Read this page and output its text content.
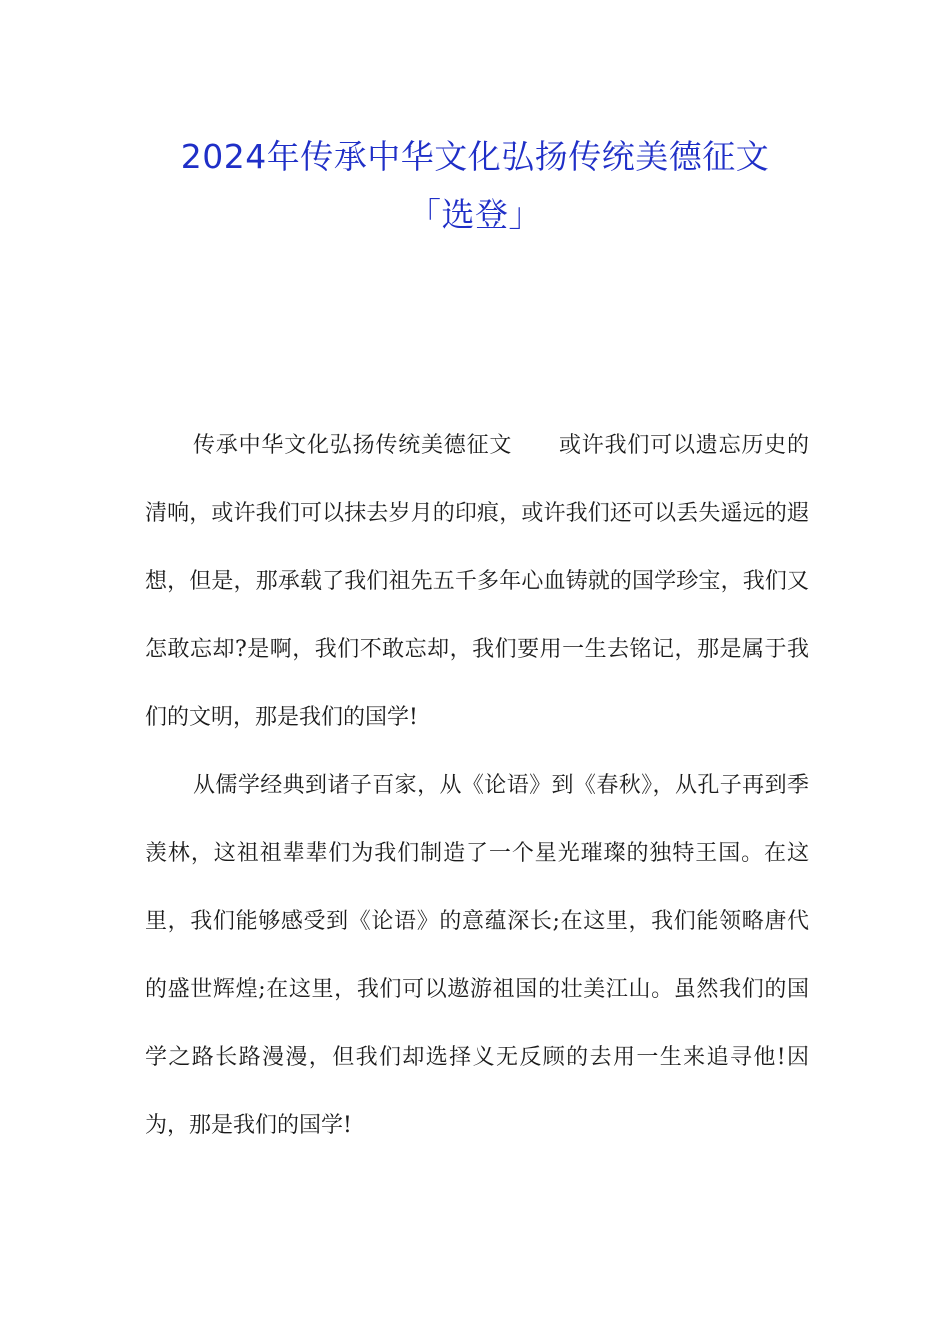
2024年传承中华文化弘扬传统美德征文
「选登」

传承中华文化弘扬传统美德征文 或许我们可以遗忘历史的清响，或许我们可以抹去岁月的印痕，或许我们还可以丢失遥远的遐想，但是，那承载了我们祖先五千多年心血铸就的国学珍宝，我们又怎敢忘却?是啊，我们不敢忘却，我们要用一生去铭记，那是属于我们的文明，那是我们的国学!

从儒学经典到诸子百家，从《论语》到《春秋》，从孔子再到季羡林，这祖祖辈辈们为我们制造了一个星光璀璨的独特王国。在这里，我们能够感受到《论语》的意蕴深长;在这里，我们能领略唐代的盛世辉煌;在这里，我们可以遨游祖国的壮美江山。虽然我们的国学之路长路漫漫，但我们却选择义无反顾的去用一生来追寻他!因为，那是我们的国学!
